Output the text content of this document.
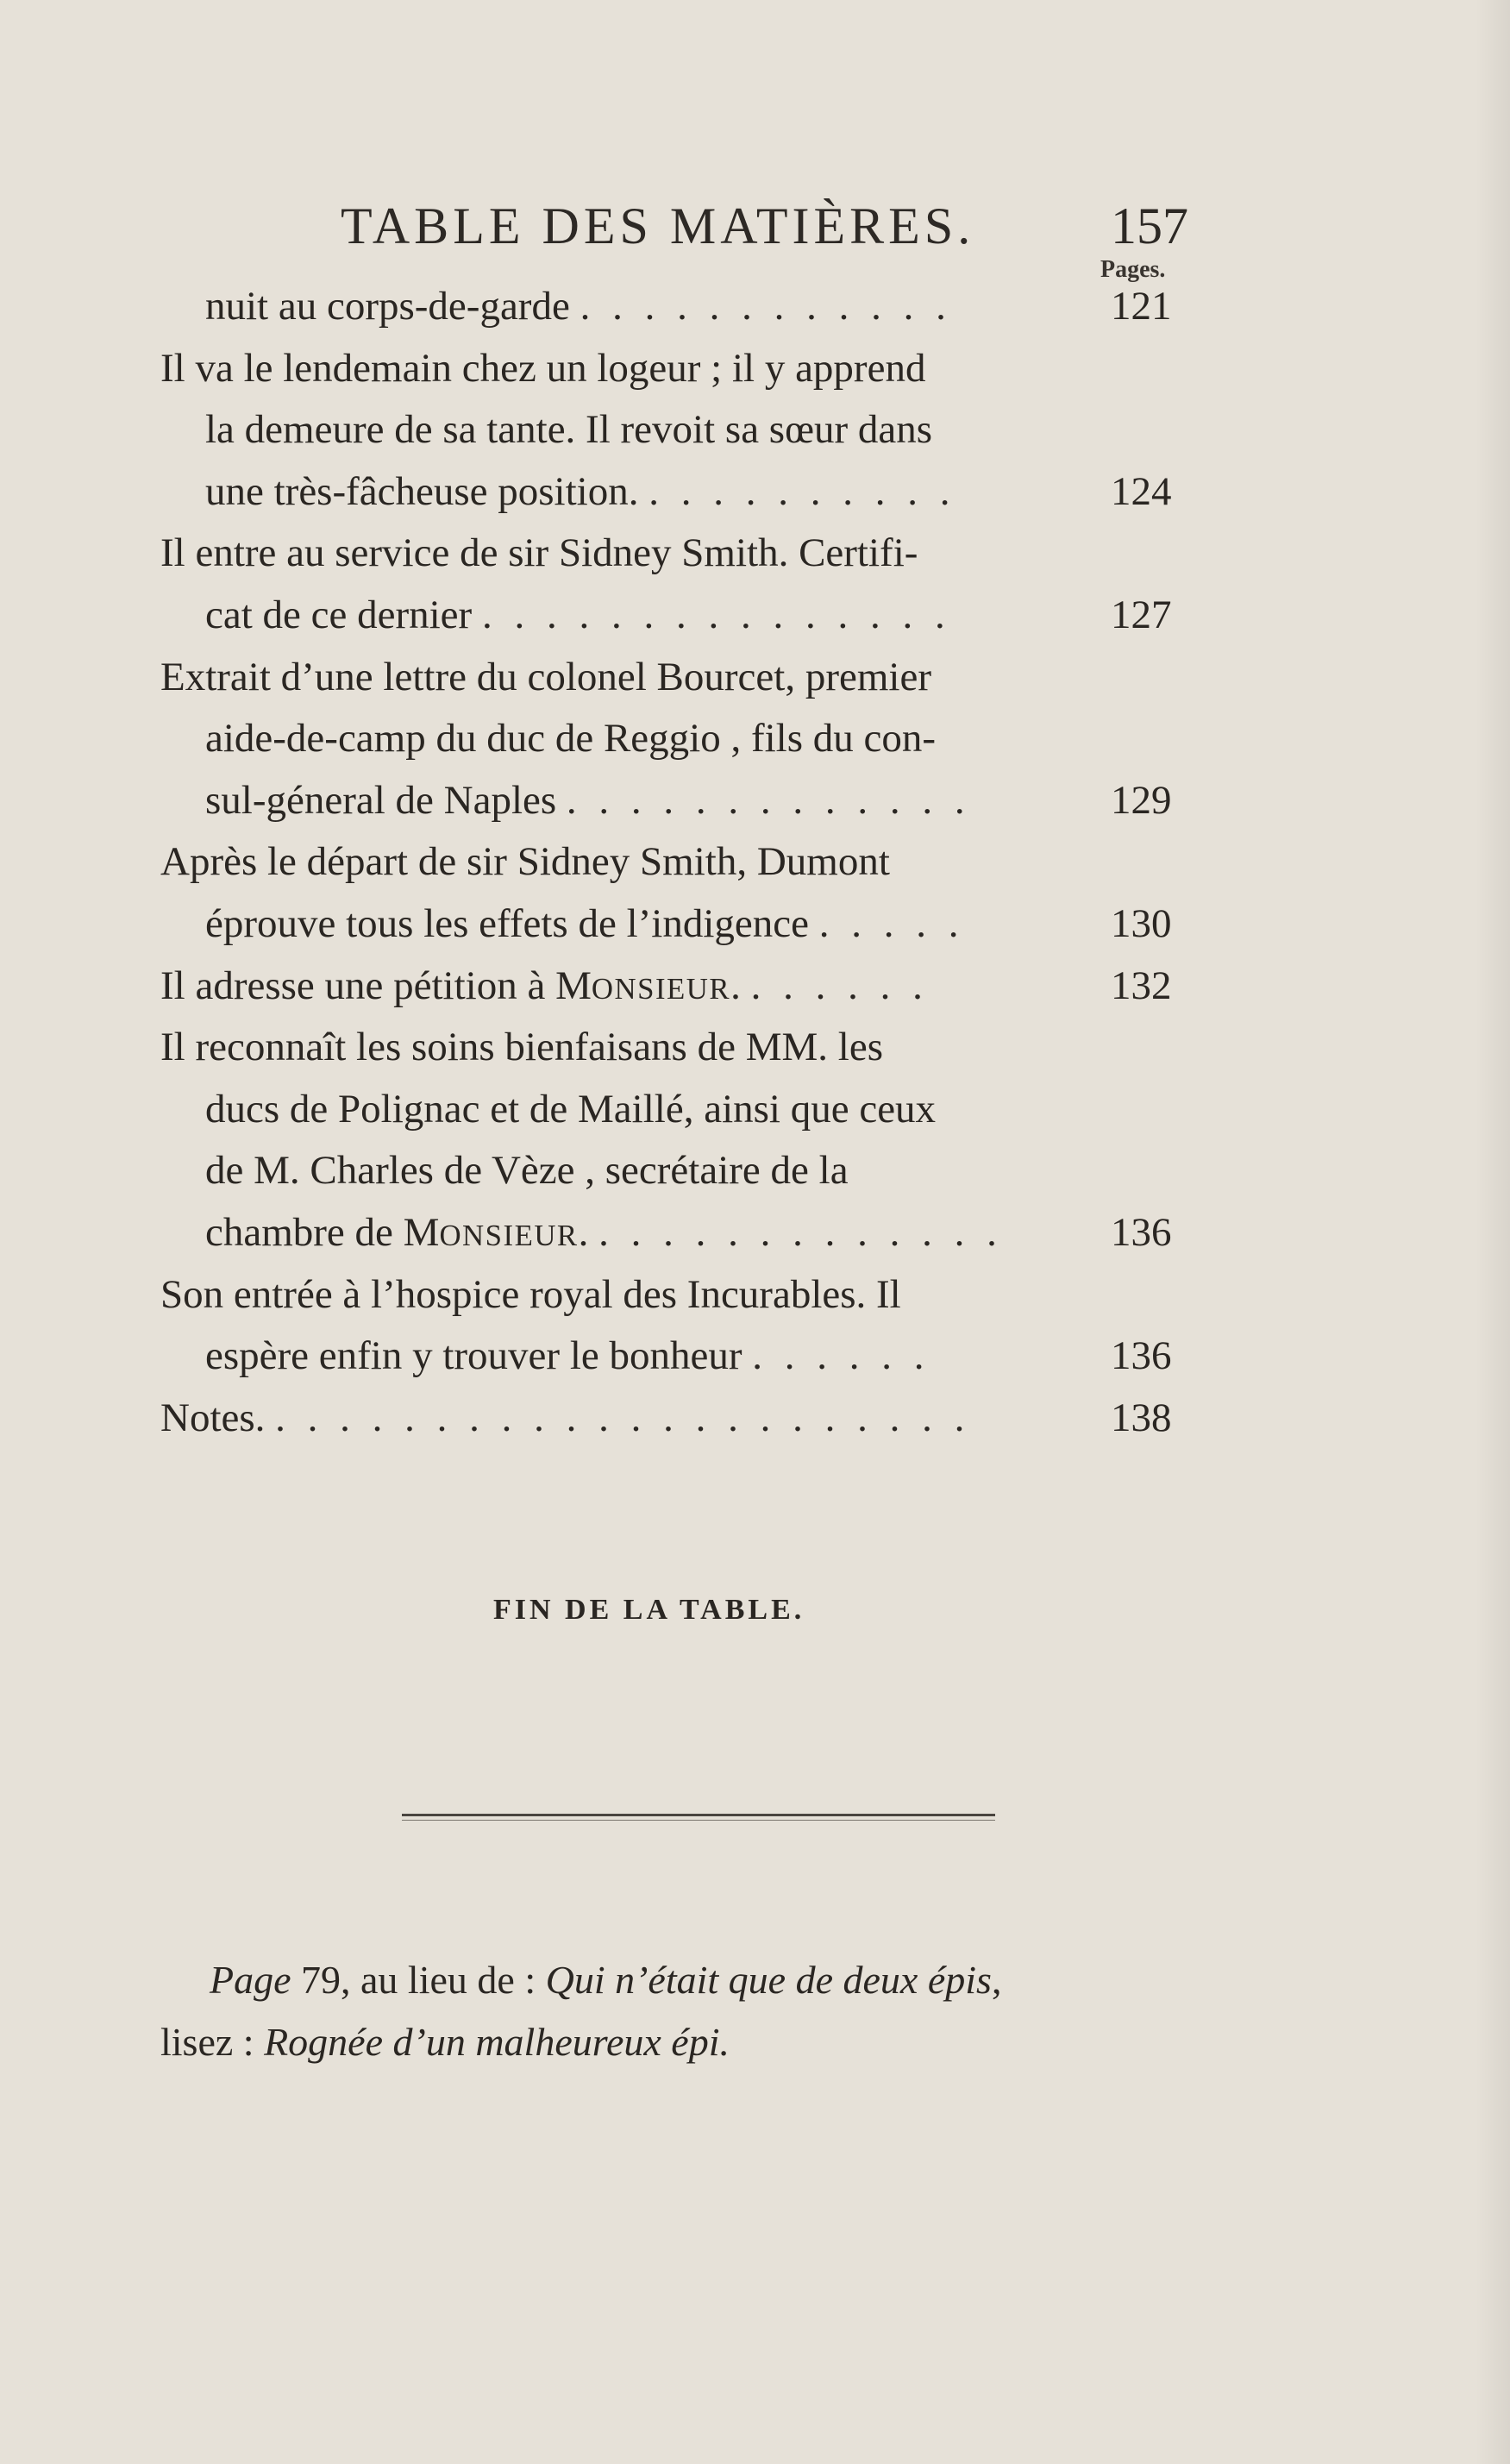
TABLE DES MATIÈRES.	157
Pages.
nuit au corps-de-garde . . . . . . . . . . . .	121
Il va le lendemain chez un logeur ; il y apprend
la demeure de sa tante. Il revoit sa sœur dans
une très-fâcheuse position. . . . . . . . . . .	124
Il entre au service de sir Sidney Smith. Certifi-
cat de ce dernier . . . . . . . . . . . . . . .	127
Extrait d’une lettre du colonel Bourcet, premier
aide-de-camp du duc de Reggio , fils du con-
sul-géneral de Naples . . . . . . . . . . . . .	129
Après le départ de sir Sidney Smith, Dumont
éprouve tous les effets de l’indigence . . . . .	130
Il adresse une pétition à MONSIEUR. . . . . . .	132
Il reconnaît les soins bienfaisans de MM. les
ducs de Polignac et de Maillé, ainsi que ceux
de M. Charles de Vèze , secrétaire de la
chambre de MONSIEUR. . . . . . . . . . . . . .	136
Son entrée à l’hospice royal des Incurables. Il
espère enfin y trouver le bonheur . . . . . .	136
Notes. . . . . . . . . . . . . . . . . . . . . . .	138
FIN DE LA TABLE.
Page 79, au lieu de : Qui n’était que de deux épis,
lisez : Rognée d’un malheureux épi.
